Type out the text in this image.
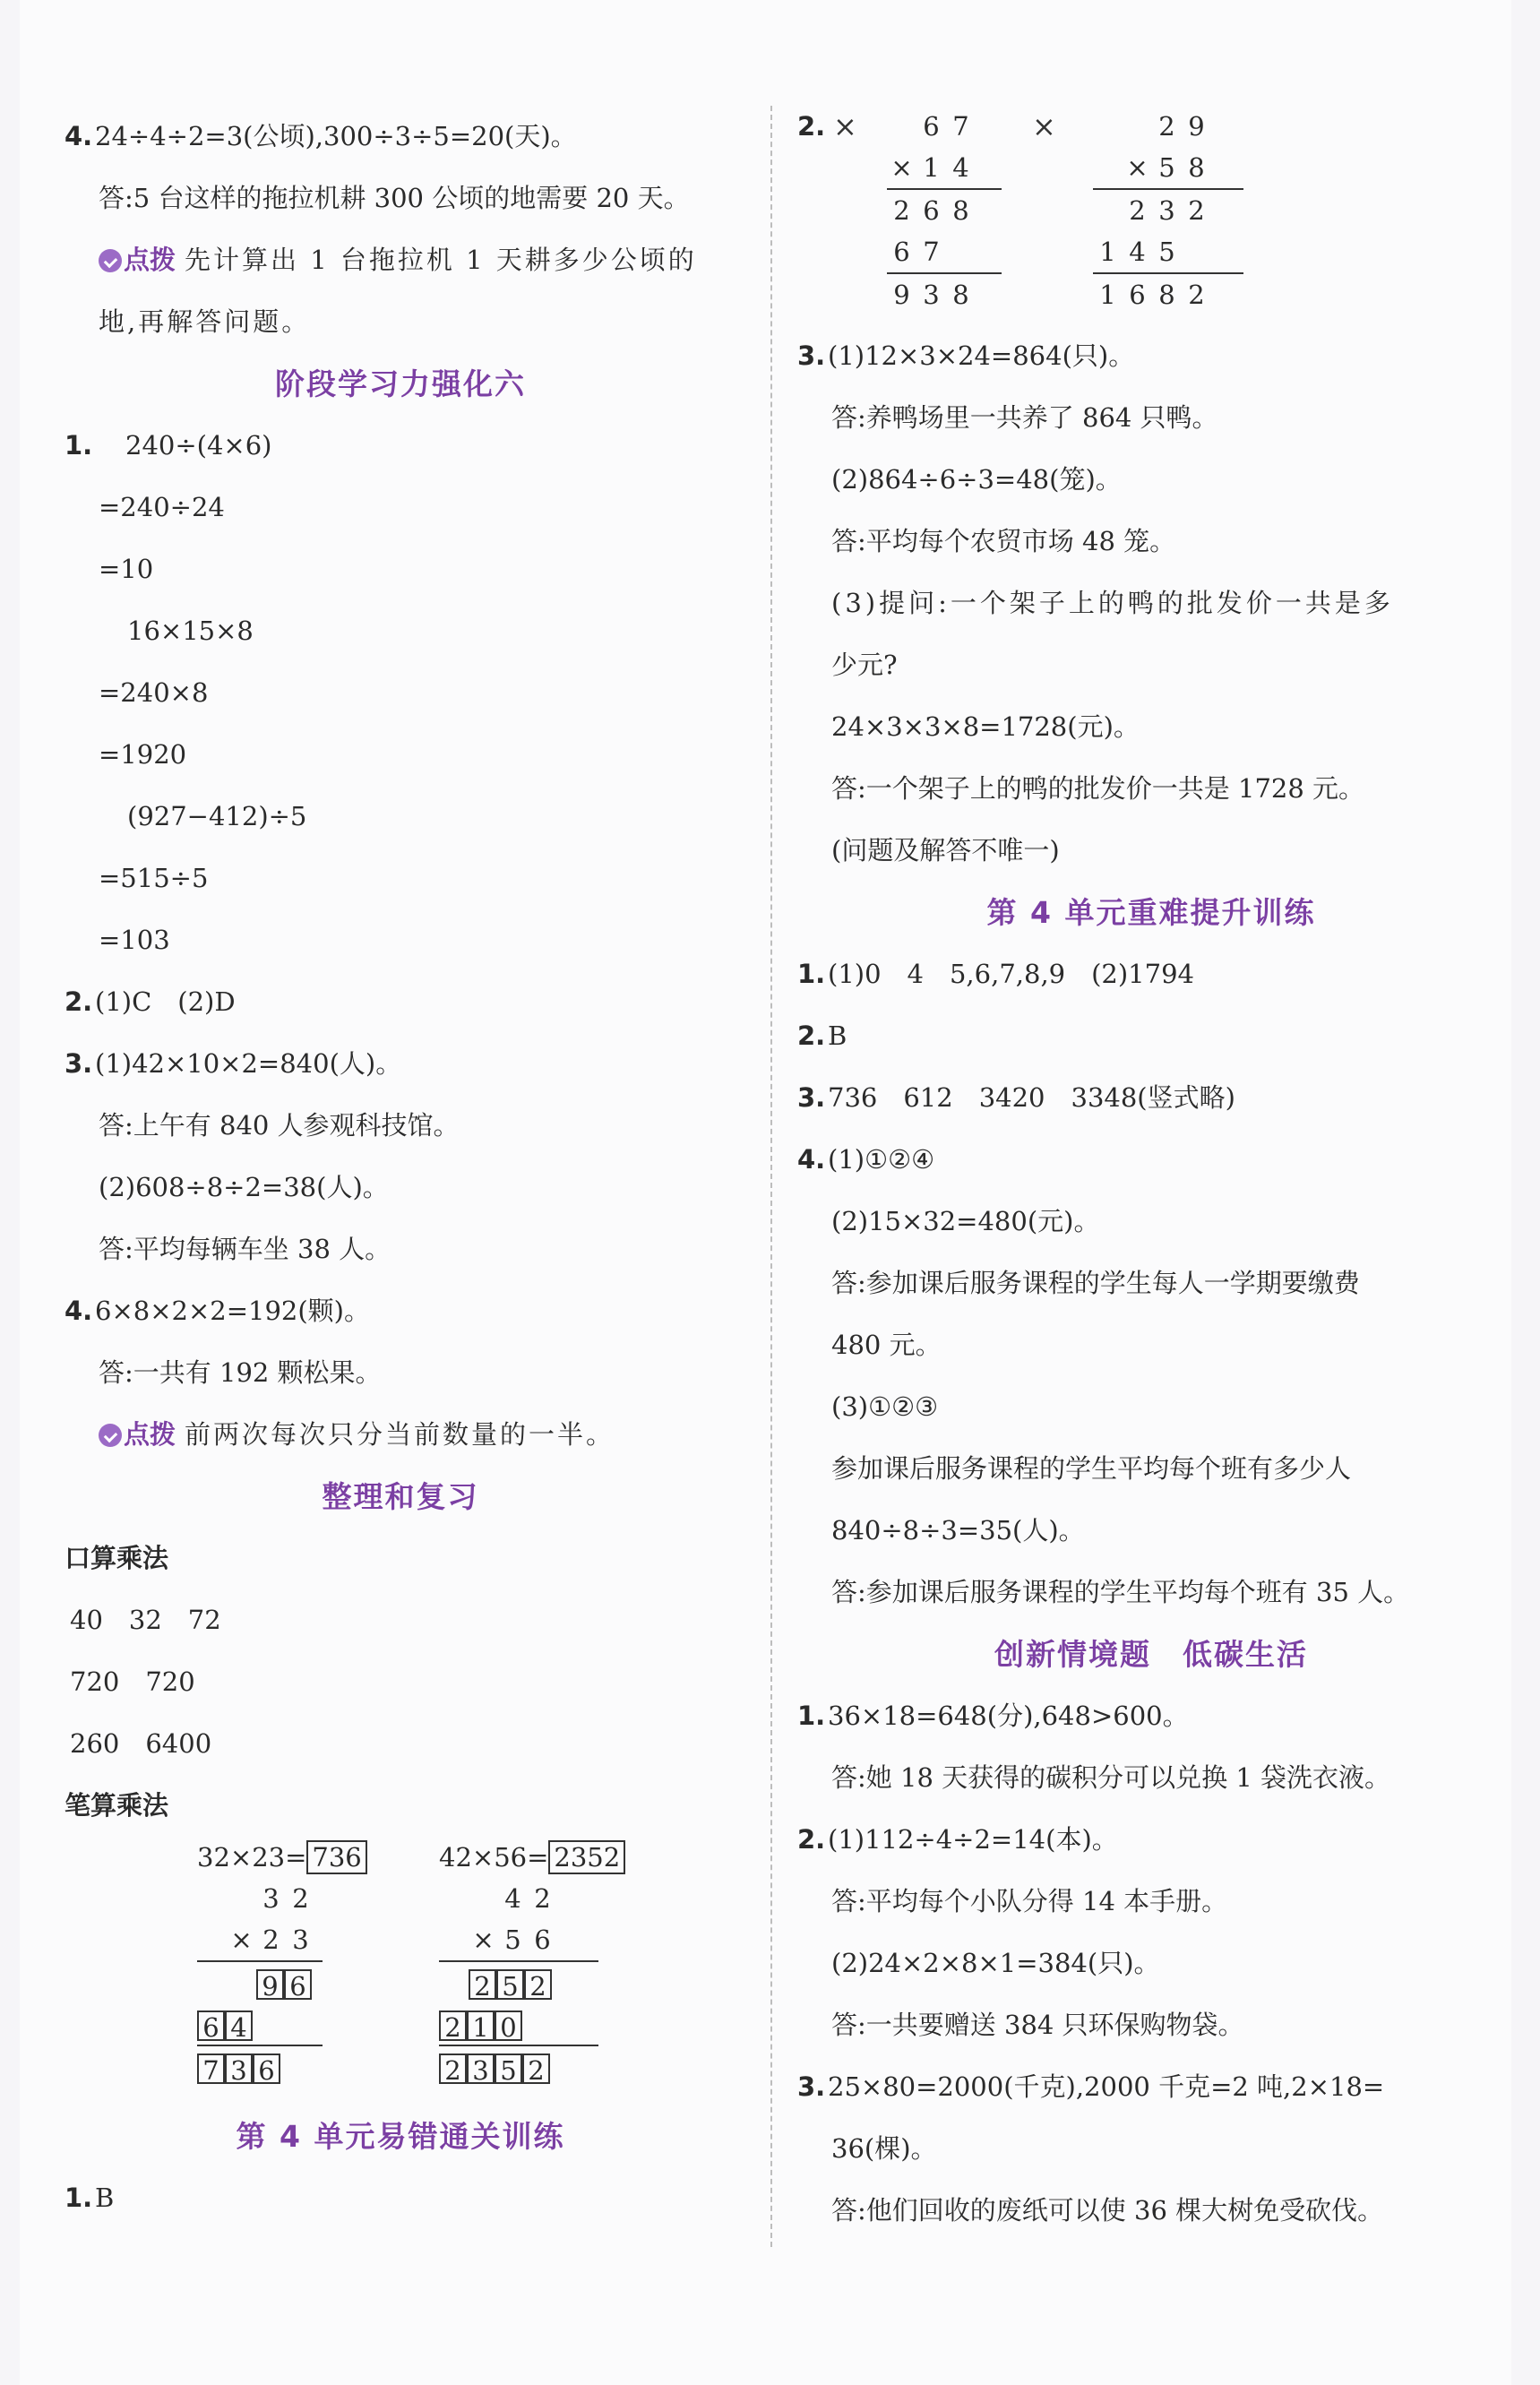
4.24÷4÷2=3(公顷),300÷3÷5=20(天)。
答:5 台这样的拖拉机耕 300 公顷的地需要 20 天。
点拨 先计算出 1 台拖拉机 1 天耕多少公顷的
地,再解答问题。
阶段学习力强化六
1. 240÷(4×6)
=240÷24
=10
16×15×8
=240×8
=1920
(927−412)÷5
=515÷5
=103
2.(1)C　(2)D
3.(1)42×10×2=840(人)。
答:上午有 840 人参观科技馆。
(2)608÷8÷2=38(人)。
答:平均每辆车坐 38 人。
4.6×8×2×2=192(颗)。
答:一共有 192 颗松果。
点拨 前两次每次只分当前数量的一半。
整理和复习
口算乘法
40　32　72
720　720
260　6400
笔算乘法
32×23= 736
3 2
× 2 3
9 6
6 4
7 3 6
42×56= 2352
4 2
× 5 6
2 5 2
2 1 0
2 3 5 2
第 4 单元易错通关训练
1.B
2. ×	6 7
× 1 4
2 6 8
6 7
9 3 8
×	2 9
× 5 8
2 3 2
1 4 5
1 6 8 2
3.(1)12×3×24=864(只)。
答:养鸭场里一共养了 864 只鸭。
(2)864÷6÷3=48(笼)。
答:平均每个农贸市场 48 笼。
(3)提问:一个架子上的鸭的批发价一共是多
少元?
24×3×3×8=1728(元)。
答:一个架子上的鸭的批发价一共是 1728 元。
(问题及解答不唯一)
第 4 单元重难提升训练
1.(1)0　4　5,6,7,8,9　(2)1794
2.B
3.736　612　3420　3348(竖式略)
4.(1)①②④
(2)15×32=480(元)。
答:参加课后服务课程的学生每人一学期要缴费
480 元。
(3)①②③
参加课后服务课程的学生平均每个班有多少人
840÷8÷3=35(人)。
答:参加课后服务课程的学生平均每个班有 35 人。
创新情境题　低碳生活
1.36×18=648(分),648>600。
答:她 18 天获得的碳积分可以兑换 1 袋洗衣液。
2.(1)112÷4÷2=14(本)。
答:平均每个小队分得 14 本手册。
(2)24×2×8×1=384(只)。
答:一共要赠送 384 只环保购物袋。
3.25×80=2000(千克),2000 千克=2 吨,2×18=
36(棵)。
答:他们回收的废纸可以使 36 棵大树免受砍伐。
